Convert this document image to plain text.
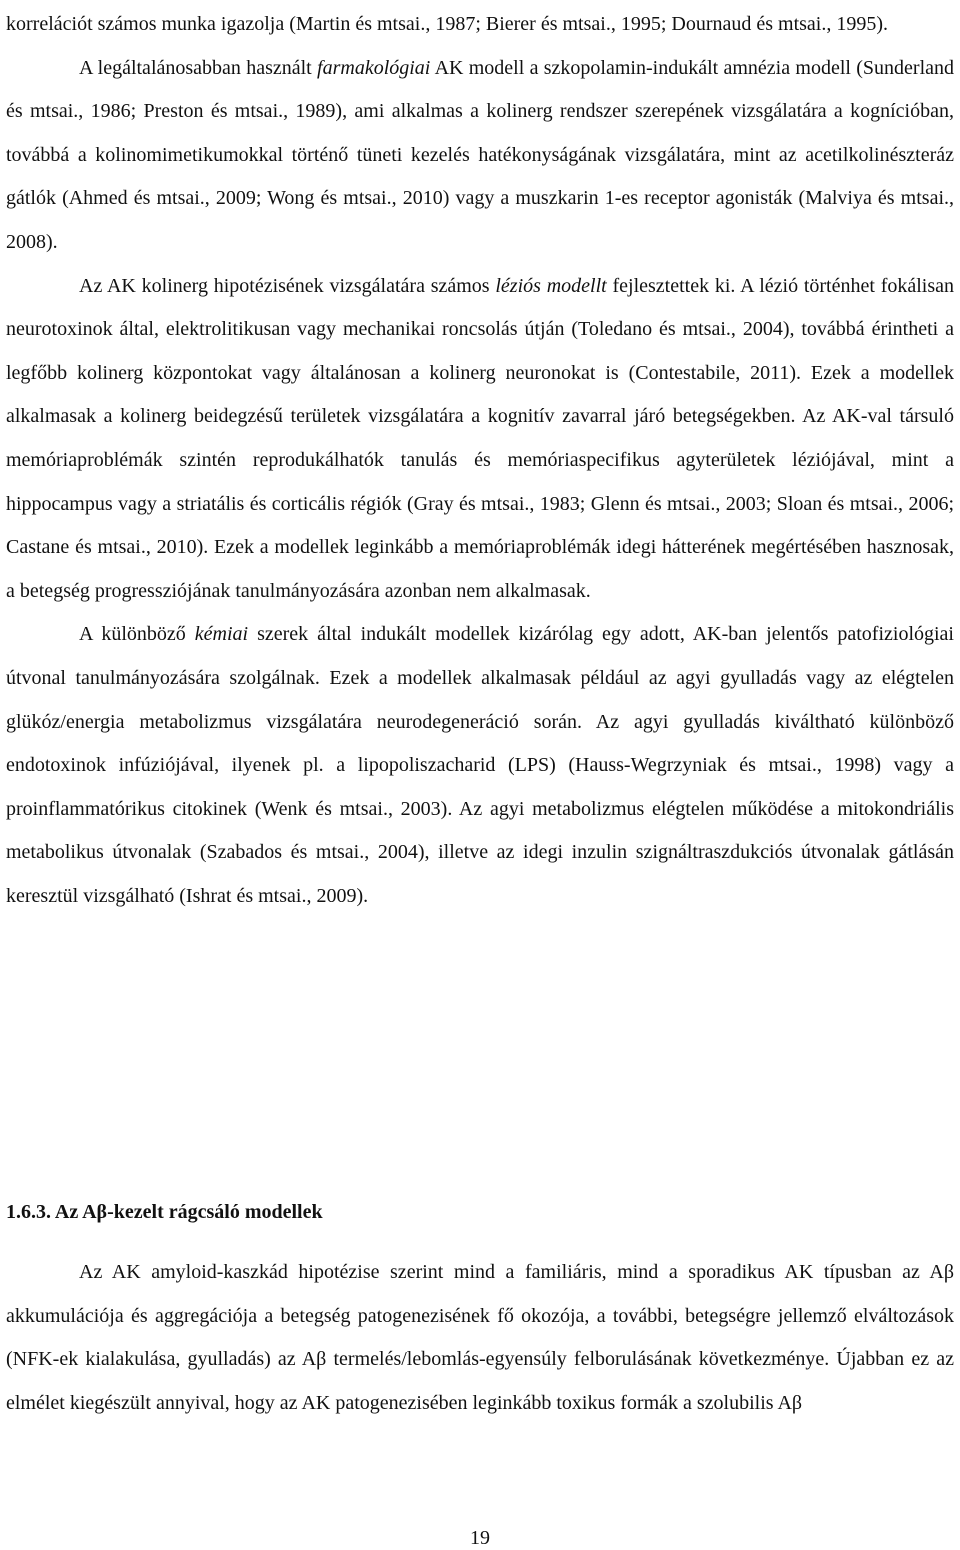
korrelációt számos munka igazolja (Martin és mtsai., 1987; Bierer és mtsai., 1995; Dournaud és mtsai., 1995).

A legáltalánosabban használt farmakológiai AK modell a szkopolamin-indukált amnézia modell (Sunderland és mtsai., 1986; Preston és mtsai., 1989), ami alkalmas a kolinerg rendszer szerepének vizsgálatára a kognícióban, továbbá a kolinomimetikumokkal történő tüneti kezelés hatékonyságának vizsgálatára, mint az acetilkolinészteráz gátlók (Ahmed és mtsai., 2009; Wong és mtsai., 2010) vagy a muszkarin 1-es receptor agonisták (Malviya és mtsai., 2008).

Az AK kolinerg hipotézisének vizsgálatára számos léziós modellt fejlesztettek ki. A lézió történhet fokálisan neurotoxinok által, elektrolitikusan vagy mechanikai roncsolás útján (Toledano és mtsai., 2004), továbbá érintheti a legfőbb kolinerg központokat vagy általánosan a kolinerg neuronokat is (Contestabile, 2011). Ezek a modellek alkalmasak a kolinerg beidegzésű területek vizsgálatára a kognitív zavarral járó betegségekben. Az AK-val társuló memóriaproblémák szintén reprodukálhatók tanulás és memóriaspecifikus agyterületek léziójával, mint a hippocampus vagy a striatális és corticális régiók (Gray és mtsai., 1983; Glenn és mtsai., 2003; Sloan és mtsai., 2006; Castane és mtsai., 2010). Ezek a modellek leginkább a memóriaproblémák idegi hátterének megértésében hasznosak, a betegség progressziójának tanulmányozására azonban nem alkalmasak.

A különböző kémiai szerek által indukált modellek kizárólag egy adott, AK-ban jelentős patofiziológiai útvonal tanulmányozására szolgálnak. Ezek a modellek alkalmasak például az agyi gyulladás vagy az elégtelen glükóz/energia metabolizmus vizsgálatára neurodegeneráció során. Az agyi gyulladás kiváltható különböző endotoxinok infúziójával, ilyenek pl. a lipopoliszacharid (LPS) (Hauss-Wegrzyniak és mtsai., 1998) vagy a proinflammatórikus citokinek (Wenk és mtsai., 2003). Az agyi metabolizmus elégtelen működése a mitokondriális metabolikus útvonalak (Szabados és mtsai., 2004), illetve az idegi inzulin szignáltraszdukciós útvonalak gátlásán keresztül vizsgálható (Ishrat és mtsai., 2009).

1.6.3. Az Aβ-kezelt rágcsáló modellek

Az AK amyloid-kaszkád hipotézise szerint mind a familiáris, mind a sporadikus AK típusban az Aβ akkumulációja és aggregációja a betegség patogenezisének fő okozója, a további, betegségre jellemző elváltozások (NFK-ek kialakulása, gyulladás) az Aβ termelés/lebomlás-egyensúly felborulásának következménye. Újabban ez az elmélet kiegészült annyival, hogy az AK patogenezisében leginkább toxikus formák a szolubilis Aβ

19
